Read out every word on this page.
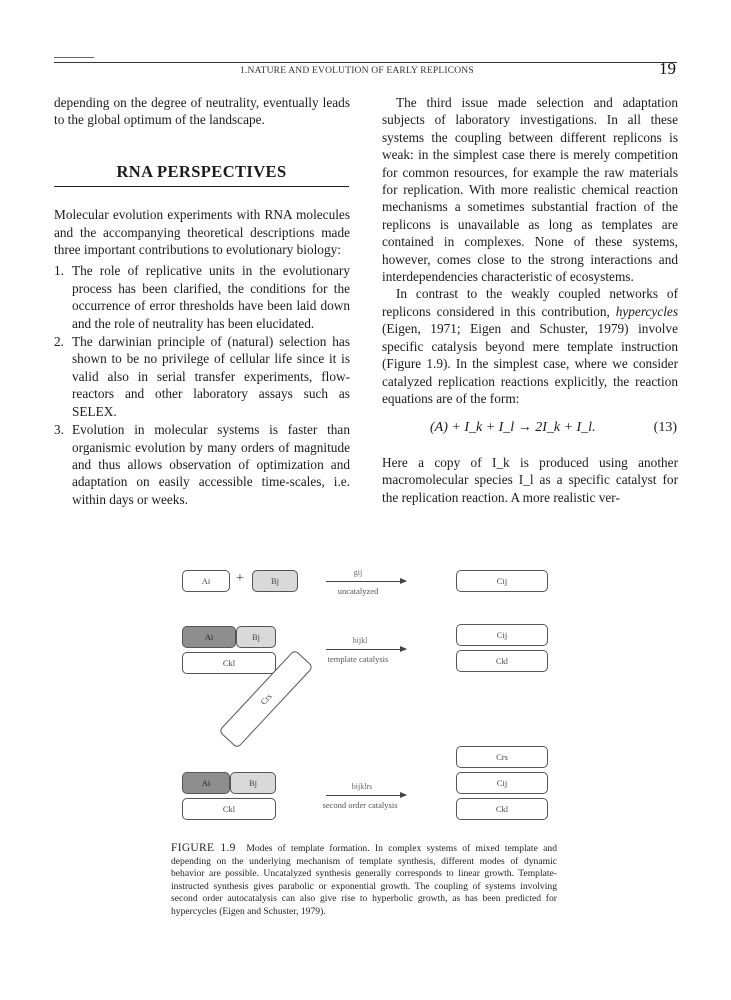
1.NATURE AND EVOLUTION OF EARLY REPLICONS	19

depending on the degree of neutrality, eventually leads to the global optimum of the landscape.

RNA PERSPECTIVES

Molecular evolution experiments with RNA molecules and the accompanying theoretical descriptions made three important contributions to evolutionary biology:

1. The role of replicative units in the evolutionary process has been clarified, the conditions for the occurrence of error thresholds have been laid down and the role of neutrality has been elucidated.
2. The darwinian principle of (natural) selection has shown to be no privilege of cellular life since it is valid also in serial transfer experiments, flow-reactors and other laboratory assays such as SELEX.
3. Evolution in molecular systems is faster than organismic evolution by many orders of magnitude and thus allows observation of optimization and adaptation on easily accessible time-scales, i.e. within days or weeks.

The third issue made selection and adaptation subjects of laboratory investigations. In all these systems the coupling between different replicons is weak: in the simplest case there is merely competition for common resources, for example the raw materials for replication. With more realistic chemical reaction mechanisms a sometimes substantial fraction of the replicons is unavailable as long as templates are contained in complexes. None of these systems, however, comes close to the strong interactions and interdependencies characteristic of ecosystems.

In contrast to the weakly coupled networks of replicons considered in this contribution, hypercycles (Eigen, 1971; Eigen and Schuster, 1979) involve specific catalysis beyond mere template instruction (Figure 1.9). In the simplest case, where we consider catalyzed replication reactions explicitly, the reaction equations are of the form:

(A) + I_k + I_l → 2I_k + I_l.	(13)

Here a copy of I_k is produced using another macromolecular species I_l as a specific catalyst for the replication reaction. A more realistic ver-

Ai	+	Bj
gij
uncatalyzed
Cij
Ai	Bj
Ckl
bijkl
template catalysis
Cij
Ckl
Crs
Ai	Bj
Ckl
bijklrs
second order catalysis
Crs
Cij
Ckl
FIGURE 1.9 Modes of template formation. In complex systems of mixed template and depending on the underlying mechanism of template synthesis, different modes of dynamic behavior are possible. Uncatalyzed synthesis generally corresponds to linear growth. Template-instructed synthesis gives parabolic or exponential growth. The coupling of systems involving second order autocatalysis can also give rise to hyperbolic growth, as has been predicted for hypercycles (Eigen and Schuster, 1979).
